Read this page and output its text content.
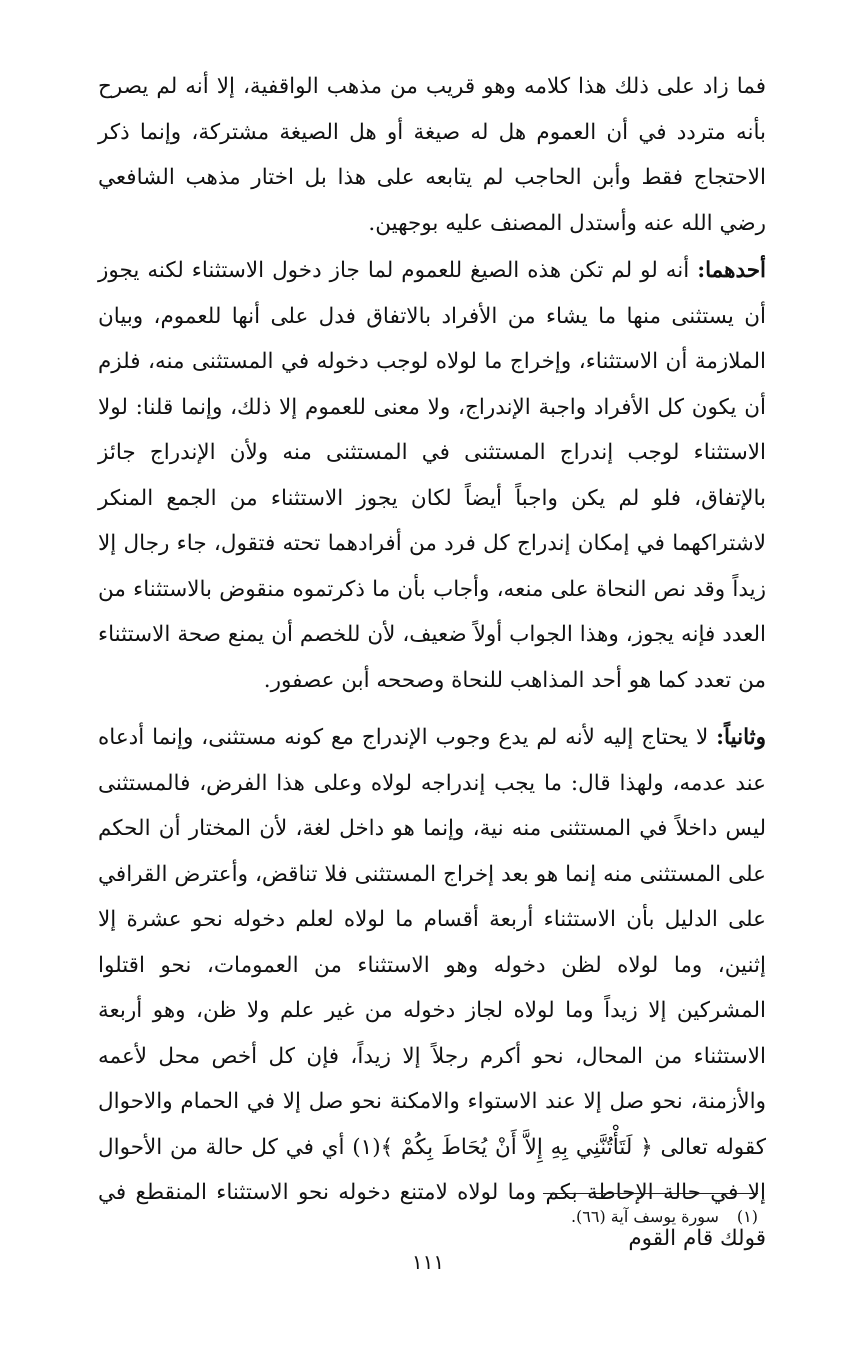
فما زاد على ذلك هذا كلامه وهو قريب من مذهب الواقفية، إلا أنه لم يصرح بأنه متردد في أن العموم هل له صيغة أو هل الصيغة مشتركة، وإنما ذكر الاحتجاج فقط وأبن الحاجب لم يتابعه على هذا بل اختار مذهب الشافعي رضي الله عنه وأستدل المصنف عليه بوجهين.

أحدهما: أنه لو لم تكن هذه الصيغ للعموم لما جاز دخول الاستثناء لكنه يجوز أن يستثنى منها ما يشاء من الأفراد بالاتفاق فدل على أنها للعموم، وبيان الملازمة أن الاستثناء، وإخراج ما لولاه لوجب دخوله في المستثنى منه، فلزم أن يكون كل الأفراد واجبة الإندراج، ولا معنى للعموم إلا ذلك، وإنما قلنا: لولا الاستثناء لوجب إندراج المستثنى في المستثنى منه ولأن الإندراج جائز بالإتفاق، فلو لم يكن واجباً أيضاً لكان يجوز الاستثناء من الجمع المنكر لاشتراكهما في إمكان إندراج كل فرد من أفرادهما تحته فتقول، جاء رجال إلا زيداً وقد نص النحاة على منعه، وأجاب بأن ما ذكرتموه منقوض بالاستثناء من العدد فإنه يجوز، وهذا الجواب أولاً ضعيف، لأن للخصم أن يمنع صحة الاستثناء من تعدد كما هو أحد المذاهب للنحاة وصححه أبن عصفور.

وثانياً: لا يحتاج إليه لأنه لم يدع وجوب الإندراج مع كونه مستثنى، وإنما أدعاه عند عدمه، ولهذا قال: ما يجب إندراجه لولاه وعلى هذا الفرض، فالمستثنى ليس داخلاً في المستثنى منه نية، وإنما هو داخل لغة، لأن المختار أن الحكم على المستثنى منه إنما هو بعد إخراج المستثنى فلا تناقض، وأعترض القرافي على الدليل بأن الاستثناء أربعة أقسام ما لولاه لعلم دخوله نحو عشرة إلا إثنين، وما لولاه لظن دخوله وهو الاستثناء من العمومات، نحو اقتلوا المشركين إلا زيداً وما لولاه لجاز دخوله من غير علم ولا ظن، وهو أربعة الاستثناء من المحال، نحو أكرم رجلاً إلا زيداً، فإن كل أخص محل لأعمه والأزمنة، نحو صل إلا عند الاستواء والامكنة نحو صل إلا في الحمام والاحوال كقوله تعالى ﴿ لَتَأْتُنَّنِي بِهِ إِلاَّ أَنْ يُحَاطَ بِكُمْ ﴾(١) أي في كل حالة من الأحوال إلا في حالة الإحاطة بكم وما لولاه لامتنع دخوله نحو الاستثناء المنقطع في قولك قام القوم

(١)سورة يوسف آية (٦٦).
١١١
